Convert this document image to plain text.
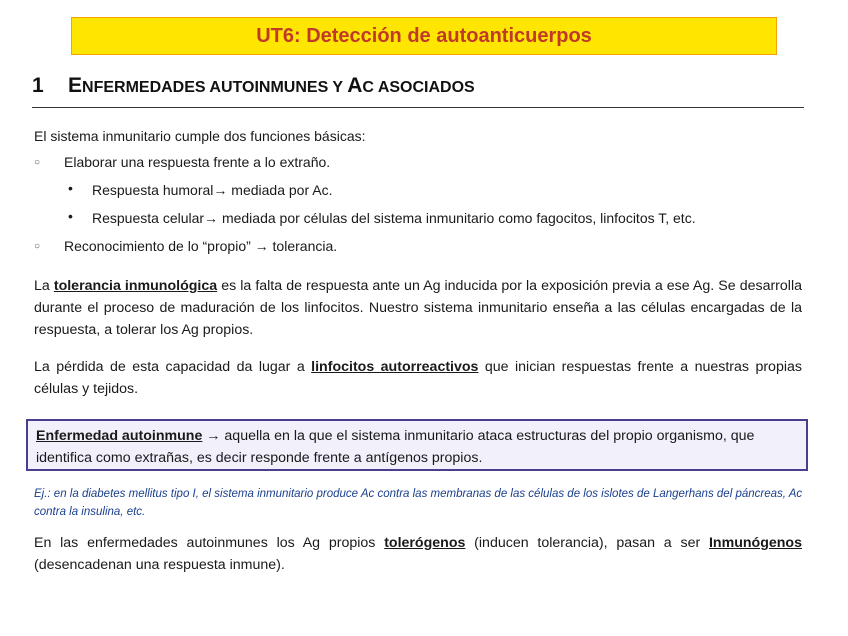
UT6: Detección de autoanticuerpos
1 ENFERMEDADES AUTOINMUNES Y AC ASOCIADOS
El sistema inmunitario cumple dos funciones básicas:
○ Elaborar una respuesta frente a lo extraño.
• Respuesta humoral→ mediada por Ac.
• Respuesta celular→ mediada por células del sistema inmunitario como fagocitos, linfocitos T, etc.
○ Reconocimiento de lo “propio” → tolerancia.
La tolerancia inmunológica es la falta de respuesta ante un Ag inducida por la exposición previa a ese Ag. Se desarrolla durante el proceso de maduración de los linfocitos. Nuestro sistema inmunitario enseña a las células encargadas de la respuesta, a tolerar los Ag propios.
La pérdida de esta capacidad da lugar a linfocitos autorreactivos que inician respuestas frente a nuestras propias células y tejidos.
Enfermedad autoinmune → aquella en la que el sistema inmunitario ataca estructuras del propio organismo, que identifica como extrañas, es decir responde frente a antígenos propios.
Ej.: en la diabetes mellitus tipo I, el sistema inmunitario produce Ac contra las membranas de las células de los islotes de Langerhans del páncreas, Ac contra la insulina, etc.
En las enfermedades autoinmunes los Ag propios tolerógenos (inducen tolerancia), pasan a ser Inmunógenos (desencadenan una respuesta inmune).
